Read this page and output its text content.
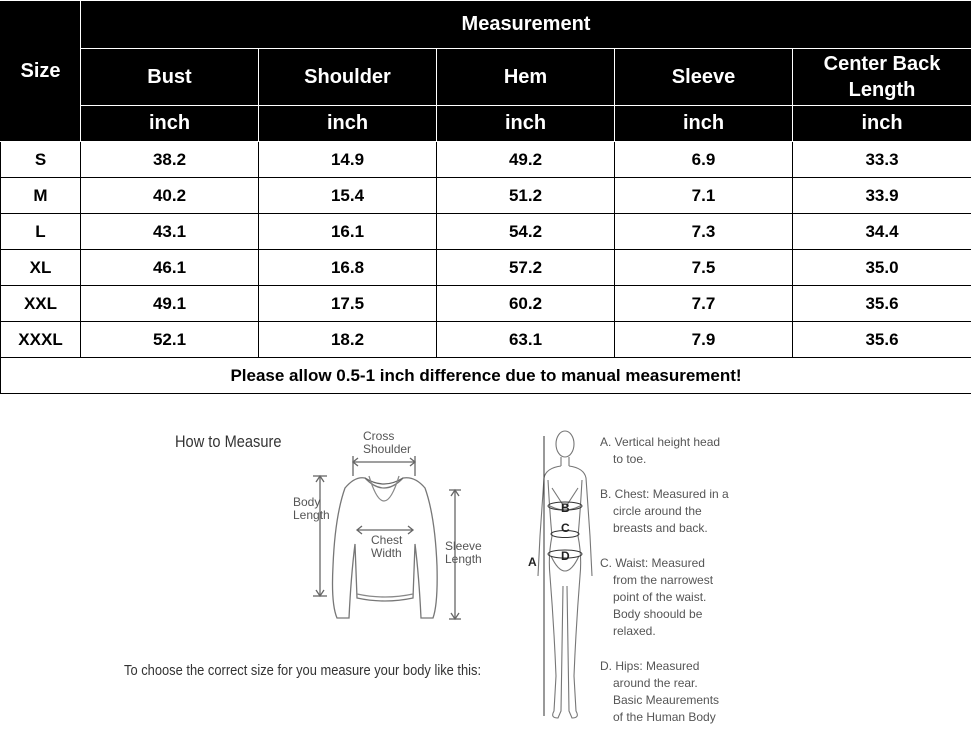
Size	Measurement				
	Bust	Shoulder	Hem	Sleeve	Center Back Length
	inch	inch	inch	inch	inch
S	38.2	14.9	49.2	6.9	33.3
M	40.2	15.4	51.2	7.1	33.9
L	43.1	16.1	54.2	7.3	34.4
XL	46.1	16.8	57.2	7.5	35.0
XXL	49.1	17.5	60.2	7.7	35.6
XXXL	52.1	18.2	63.1	7.9	35.6
Please allow 0.5-1 inch difference due to manual measurement!					
How to Measure	Cross
Shoulder
Body
Length
Chest
Width	Sleeve
Length
To choose the correct size for you measure your body like this:
A
B
C
D
A. Vertical height head
to toe.
B. Chest: Measured in a
circle around the
breasts and back.
C. Waist: Measured
from the narrowest
point of the waist.
Body shoould be
relaxed.
D. Hips: Measured
around the rear.
Basic Meaurements
of the Human Body
